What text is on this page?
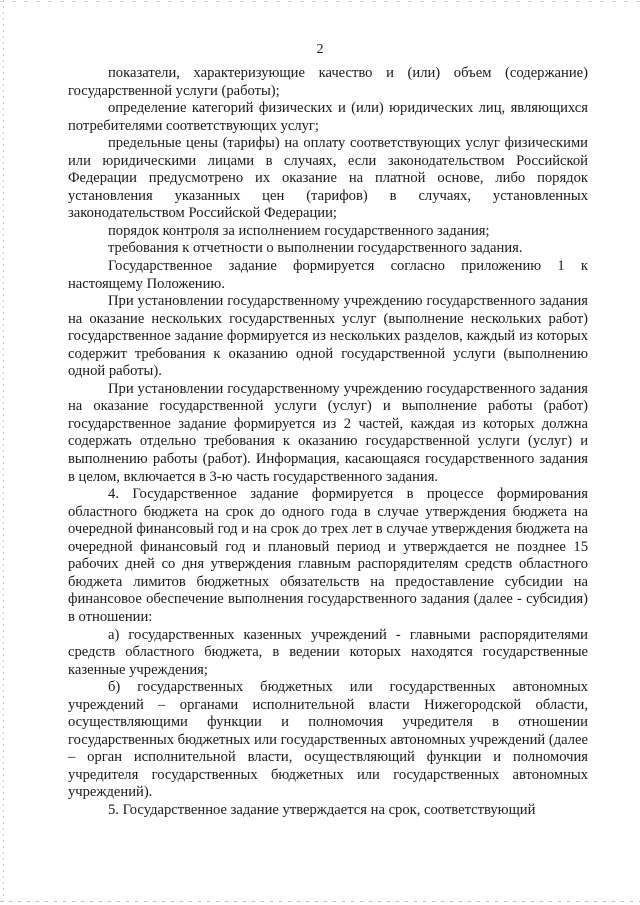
2

показатели, характеризующие качество и (или) объем (содержание) государственной услуги (работы);

определение категорий физических и (или) юридических лиц, являющихся потребителями соответствующих услуг;

предельные цены (тарифы) на оплату соответствующих услуг физическими или юридическими лицами в случаях, если законодательством Российской Федерации предусмотрено их оказание на платной основе, либо порядок установления указанных цен (тарифов) в случаях, установленных законодательством Российской Федерации;

порядок контроля за исполнением государственного задания;

требования к отчетности о выполнении государственного задания.

Государственное задание формируется согласно приложению 1 к настоящему Положению.

При установлении государственному учреждению государственного задания на оказание нескольких государственных услуг (выполнение нескольких работ) государственное задание формируется из нескольких разделов, каждый из которых содержит требования к оказанию одной государственной услуги (выполнению одной работы).

При установлении государственному учреждению государственного задания на оказание государственной услуги (услуг) и выполнение работы (работ) государственное задание формируется из 2 частей, каждая из которых должна содержать отдельно требования к оказанию государственной услуги (услуг) и выполнению работы (работ). Информация, касающаяся государственного задания в целом, включается в 3-ю часть государственного задания.

4. Государственное задание формируется в процессе формирования областного бюджета на срок до одного года в случае утверждения бюджета на очередной финансовый год и на срок до трех лет в случае утверждения бюджета на очередной финансовый год и плановый период и утверждается не позднее 15 рабочих дней со дня утверждения главным распорядителям средств областного бюджета лимитов бюджетных обязательств на предоставление субсидии на финансовое обеспечение выполнения государственного задания (далее - субсидия) в отношении:

а) государственных казенных учреждений - главными распорядителями средств областного бюджета, в ведении которых находятся государственные казенные учреждения;

б) государственных бюджетных или государственных автономных учреждений – органами исполнительной власти Нижегородской области, осуществляющими функции и полномочия учредителя в отношении государственных бюджетных или государственных автономных учреждений (далее – орган исполнительной власти, осуществляющий функции и полномочия учредителя государственных бюджетных или государственных автономных учреждений).

5. Государственное задание утверждается на срок, соответствующий
